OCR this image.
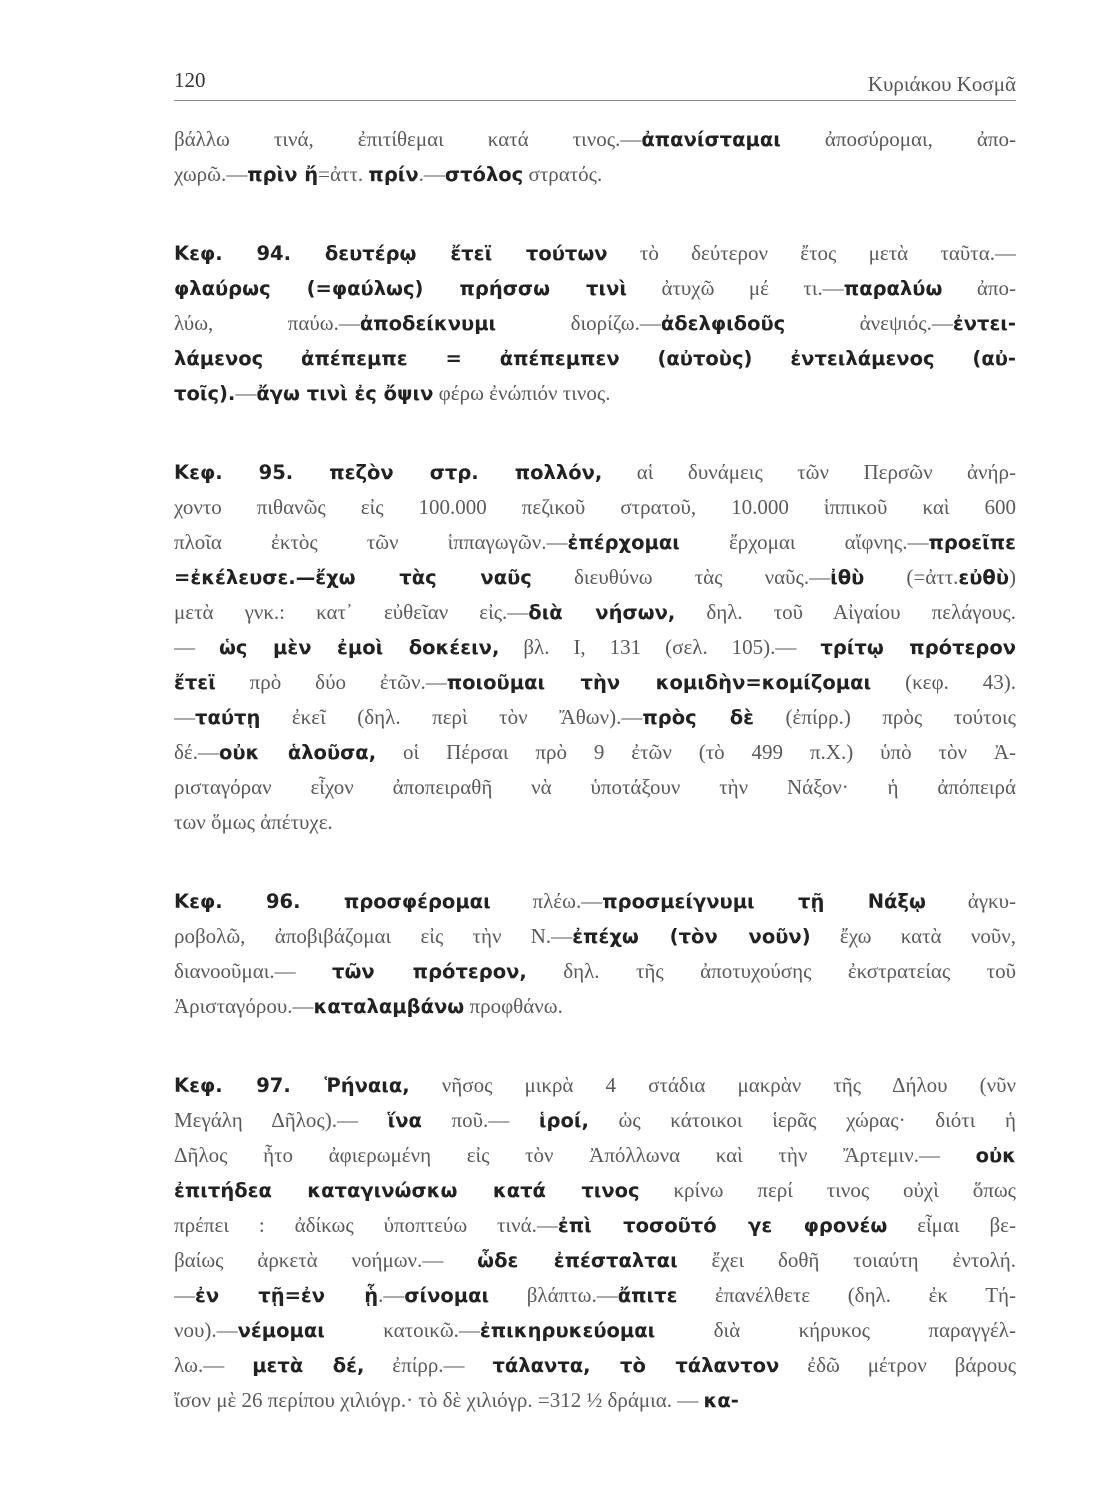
120	Κυριάκου Κοσμᾶ
βάλλω τινά, ἐπιτίθεμαι κατά τινος.—ἀπανίσταμαι ἀποσύρομαι, ἀπο-
χωρῶ.—πρὶν ἤ=ἀττ. πρίν.—στόλος στρατός.
Κεφ. 94. δευτέρῳ ἔτεϊ τούτων τὸ δεύτερον ἔτος μετὰ ταῦτα.—
φλαύρως (=φαύλως) πρήσσω τινὶ ἀτυχῶ μέ τι.—παραλύω ἀπο-
λύω, παύω.—ἀποδείκνυμι διορίζω.—ἀδελφιδοῦς ἀνεψιός.—ἐντει-
λάμενος ἀπέπεμπε = ἀπέπεμπεν (αὐτοὺς) ἐντειλάμενος (αὐ-
τοῖς).—ἄγω τινὶ ἐς ὄψιν φέρω ἐνώπιόν τινος.
Κεφ. 95. πεζὸν στρ. πολλόν, αἱ δυνάμεις τῶν Περσῶν ἀνήρ-
χοντο πιθανῶς εἰς 100.000 πεζικοῦ στρατοῦ, 10.000 ἱππικοῦ καὶ 600
πλοῖα ἐκτὸς τῶν ἱππαγωγῶν.—ἐπέρχομαι ἔρχομαι αἴφνης.—προεῖπε
=ἐκέλευσε.—ἔχω τὰς ναῦς διευθύνω τὰς ναῦς.—ἰθὺ (=ἀττ.εὐθὺ)
μετὰ γνκ.: κατ᾽ εὐθεῖαν εἰς.—διὰ νήσων, δηλ. τοῦ Αἰγαίου πελάγους.
— ὡς μὲν ἐμοὶ δοκέειν, βλ. Ι, 131 (σελ. 105).— τρίτῳ πρότερον
ἔτεϊ πρὸ δύο ἐτῶν.—ποιοῦμαι τὴν κομιδὴν=κομίζομαι (κεφ. 43).
—ταύτῃ ἐκεῖ (δηλ. περὶ τὸν Ἄθων).—πρὸς δὲ (ἐπίρρ.) πρὸς τούτοις
δέ.—οὐκ ἁλοῦσα, οἱ Πέρσαι πρὸ 9 ἐτῶν (τὸ 499 π.Χ.) ὑπὸ τὸν Ἀ-
ρισταγόραν εἶχον ἀποπειραθῆ νὰ ὑποτάξουν τὴν Νάξον· ἡ ἀπόπειρά
των ὅμως ἀπέτυχε.
Κεφ. 96. προσφέρομαι πλέω.—προσμείγνυμι τῇ Νάξῳ ἀγκυ-
ροβολῶ, ἀποβιβάζομαι εἰς τὴν Ν.—ἐπέχω (τὸν νοῦν) ἔχω κατὰ νοῦν,
διανοοῦμαι.— τῶν πρότερον, δηλ. τῆς ἀποτυχούσης ἐκστρατείας τοῦ
Ἀρισταγόρου.—καταλαμβάνω προφθάνω.
Κεφ. 97. Ῥήναια, νῆσος μικρὰ 4 στάδια μακρὰν τῆς Δήλου (νῦν
Μεγάλη Δῆλος).— ἵνα ποῦ.— ἱροί, ὡς κάτοικοι ἱερᾶς χώρας· διότι ἡ
Δῆλος ἦτο ἀφιερωμένη εἰς τὸν Ἀπόλλωνα καὶ τὴν Ἄρτεμιν.— οὐκ
ἐπιτήδεα καταγινώσκω κατά τινος κρίνω περί τινος οὐχὶ ὅπως
πρέπει : ἀδίκως ὑποπτεύω τινά.—ἐπὶ τοσοῦτό γε φρονέω εἶμαι βε-
βαίως ἀρκετὰ νοήμων.— ὧδε ἐπέσταλται ἔχει δοθῆ τοιαύτη ἐντολή.
—ἐν τῇ=ἐν ᾗ.—σίνομαι βλάπτω.—ἄπιτε ἐπανέλθετε (δηλ. ἐκ Τή-
νου).—νέμομαι κατοικῶ.—ἐπικηρυκεύομαι διὰ κήρυκος παραγγέλ-
λω.— μετὰ δέ, ἐπίρρ.— τάλαντα, τὸ τάλαντον ἐδῶ μέτρον βάρους
ἴσον μὲ 26 περίπου χιλιόγρ.· τὸ δὲ χιλιόγρ. =312 ½ δράμια. — κα-
